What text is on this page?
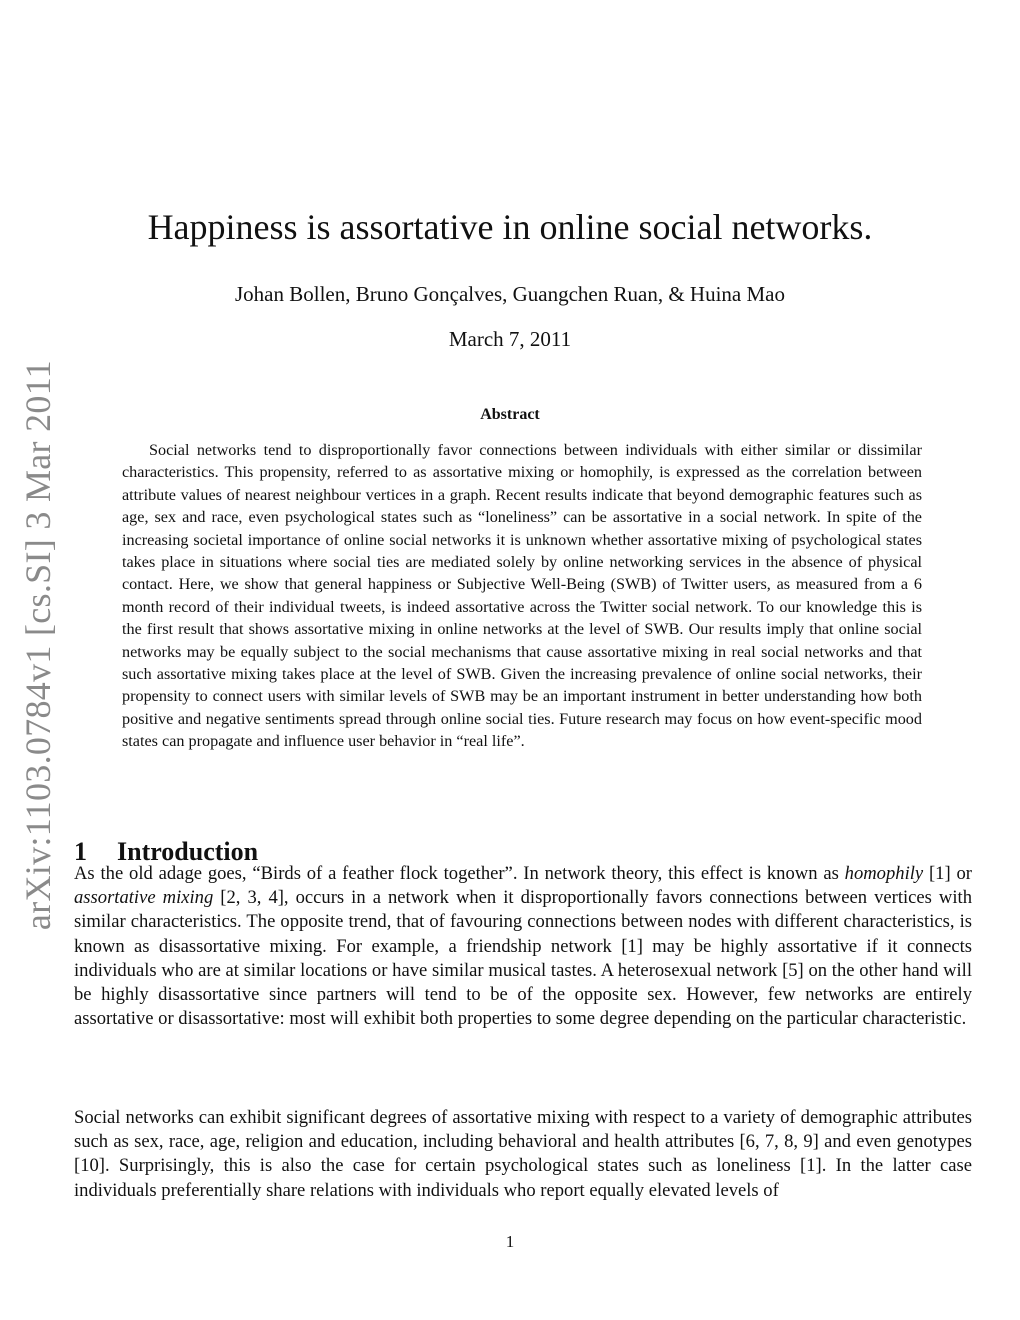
arXiv:1103.0784v1 [cs.SI] 3 Mar 2011
Happiness is assortative in online social networks.
Johan Bollen, Bruno Gonçalves, Guangchen Ruan, & Huina Mao
March 7, 2011
Abstract

Social networks tend to disproportionally favor connections between individuals with either similar or dissimilar characteristics. This propensity, referred to as assortative mixing or homophily, is expressed as the correlation between attribute values of nearest neighbour vertices in a graph. Recent results indicate that beyond demographic features such as age, sex and race, even psychological states such as “loneliness” can be assortative in a social network. In spite of the increasing societal importance of online social networks it is unknown whether assortative mixing of psychological states takes place in situations where social ties are mediated solely by online networking services in the absence of physical contact. Here, we show that general happiness or Subjective Well-Being (SWB) of Twitter users, as measured from a 6 month record of their individual tweets, is indeed assortative across the Twitter social network. To our knowledge this is the first result that shows assortative mixing in online networks at the level of SWB. Our results imply that online social networks may be equally subject to the social mechanisms that cause assortative mixing in real social networks and that such assortative mixing takes place at the level of SWB. Given the increasing prevalence of online social networks, their propensity to connect users with similar levels of SWB may be an important instrument in better understanding how both positive and negative sentiments spread through online social ties. Future research may focus on how event-specific mood states can propagate and influence user behavior in “real life”.

1 Introduction

As the old adage goes, “Birds of a feather flock together”. In network theory, this effect is known as homophily [1] or assortative mixing [2, 3, 4], occurs in a network when it disproportionally favors connections between vertices with similar characteristics. The opposite trend, that of favouring connections between nodes with different characteristics, is known as disassortative mixing. For example, a friendship network [1] may be highly assortative if it connects individuals who are at similar locations or have similar musical tastes. A heterosexual network [5] on the other hand will be highly disassortative since partners will tend to be of the opposite sex. However, few networks are entirely assortative or disassortative: most will exhibit both properties to some degree depending on the particular characteristic.

Social networks can exhibit significant degrees of assortative mixing with respect to a variety of demographic attributes such as sex, race, age, religion and education, including behavioral and health attributes [6, 7, 8, 9] and even genotypes [10]. Surprisingly, this is also the case for certain psychological states such as loneliness [1]. In the latter case individuals preferentially share relations with individuals who report equally elevated levels of

1
